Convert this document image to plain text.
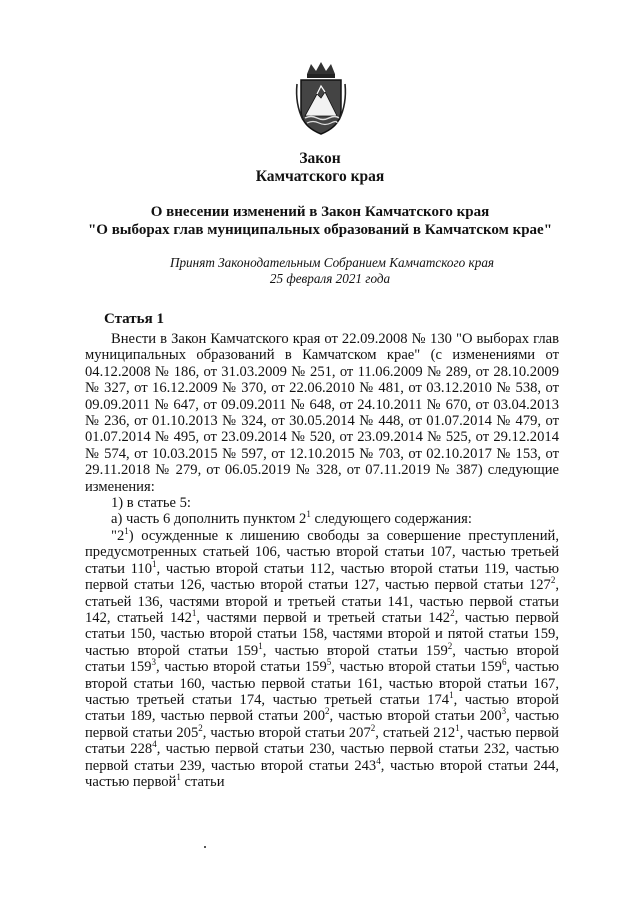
Закон
Камчатского края
О внесении изменений в Закон Камчатского края
"О выборах глав муниципальных образований в Камчатском крае"
Принят Законодательным Собранием Камчатского края
25 февраля 2021 года
Статья 1

Внести в Закон Камчатского края от 22.09.2008 № 130 "О выборах глав муниципальных образований в Камчатском крае" (с изменениями от 04.12.2008 № 186, от 31.03.2009 № 251, от 11.06.2009 № 289, от 28.10.2009 № 327, от 16.12.2009 № 370, от 22.06.2010 № 481, от 03.12.2010 № 538, от 09.09.2011 № 647, от 09.09.2011 № 648, от 24.10.2011 № 670, от 03.04.2013 № 236, от 01.10.2013 № 324, от 30.05.2014 № 448, от 01.07.2014 № 479, от 01.07.2014 № 495, от 23.09.2014 № 520, от 23.09.2014 № 525, от 29.12.2014 № 574, от 10.03.2015 № 597, от 12.10.2015 № 703, от 02.10.2017 № 153, от 29.11.2018 № 279, от 06.05.2019 № 328, от 07.11.2019 № 387) следующие изменения:

1) в статье 5:

а) часть 6 дополнить пунктом $2^1$ следующего содержания:

"$2^1$) осужденные к лишению свободы за совершение преступлений, предусмотренных статьей 106, частью второй статьи 107, частью третьей статьи $110^1$, частью второй статьи 112, частью второй статьи 119, частью первой статьи 126, частью второй статьи 127, частью первой статьи $127^2$, статьей 136, частями второй и третьей статьи 141, частью первой статьи 142, статьей $142^1$, частями первой и третьей статьи $142^2$, частью первой статьи 150, частью второй статьи 158, частями второй и пятой статьи 159, частью второй статьи $159^1$, частью второй статьи $159^2$, частью второй статьи $159^3$, частью второй статьи $159^5$, частью второй статьи $159^6$, частью второй статьи 160, частью первой статьи 161, частью второй статьи 167, частью третьей статьи 174, частью третьей статьи $174^1$, частью второй статьи 189, частью первой статьи $200^2$, частью второй статьи $200^3$, частью первой статьи $205^2$, частью второй статьи $207^2$, статьей $212^1$, частью первой статьи $228^4$, частью первой статьи 230, частью первой статьи 232, частью первой статьи 239, частью второй статьи $243^4$, частью второй статьи 244, частью первой$^1$ статьи
